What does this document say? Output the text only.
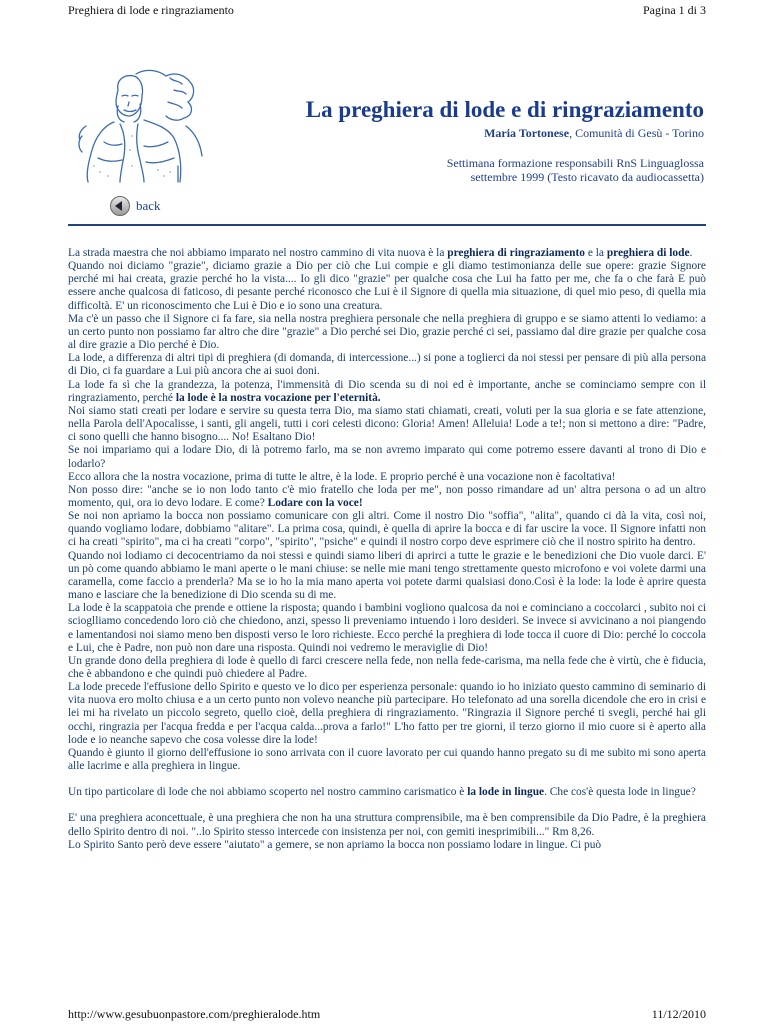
Preghiera di lode e ringraziamento	Pagina 1 di 3
La preghiera di lode e di ringraziamento
Maria Tortonese, Comunità di Gesù - Torino
Settimana formazione responsabili RnS Linguaglossa
settembre 1999 (Testo ricavato da audiocassetta)
back

La strada maestra che noi abbiamo imparato nel nostro cammino di vita nuova è la preghiera di ringraziamento e la preghiera di lode.

Quando noi diciamo "grazie", diciamo grazie a Dio per ciò che Lui compie e gli diamo testimonianza delle sue opere: grazie Signore perché mi hai creata, grazie perché ho la vista.... Io gli dico "grazie" per qualche cosa che Lui ha fatto per me, che fa o che farà E può essere anche qualcosa di faticoso, di pesante perché riconosco che Lui è il Signore di quella mia situazione, di quel mio peso, di quella mia difficoltà. E' un riconoscimento che Lui è Dio e io sono una creatura.

Ma c'è un passo che il Signore ci fa fare, sia nella nostra preghiera personale che nella preghiera di gruppo e se siamo attenti lo vediamo: a un certo punto non possiamo far altro che dire "grazie" a Dio perché sei Dio, grazie perché ci sei, passiamo dal dire grazie per qualche cosa al dire grazie a Dio perché è Dio.

La lode, a differenza di altri tipi di preghiera (di domanda, di intercessione...) si pone a toglierci da noi stessi per pensare di più alla persona di Dio, ci fa guardare a Lui più ancora che ai suoi doni.

La lode fa sì che la grandezza, la potenza, l'immensità di Dio scenda su di noi ed è importante, anche se cominciamo sempre con il ringraziamento, perché la lode è la nostra vocazione per l'eternità.

Noi siamo stati creati per lodare e servire su questa terra Dio, ma siamo stati chiamati, creati, voluti per la sua gloria e se fate attenzione, nella Parola dell'Apocalisse, i santi, gli angeli, tutti i cori celesti dicono: Gloria! Amen! Alleluia! Lode a te!; non si mettono a dire: "Padre, ci sono quelli che hanno bisogno.... No! Esaltano Dio!

Se noi impariamo qui a lodare Dio, di là potremo farlo, ma se non avremo imparato qui come potremo essere davanti al trono di Dio e lodarlo?

Ecco allora che la nostra vocazione, prima di tutte le altre, è la lode. E proprio perché è una vocazione non è facoltativa!

Non posso dire: "anche se io non lodo tanto c'è mio fratello che loda per me", non posso rimandare ad un' altra persona o ad un altro momento, qui, ora io devo lodare. E come? Lodare con la voce!

Se noi non apriamo la bocca non possiamo comunicare con gli altri. Come il nostro Dio "soffia", "alita", quando ci dà la vita, così noi, quando vogliamo lodare, dobbiamo "alitare". La prima cosa, quindi, è quella di aprire la bocca e di far uscire la voce. Il Signore infatti non ci ha creati "spirito", ma ci ha creati "corpo", "spirito", "psiche" e quindi il nostro corpo deve esprimere ciò che il nostro spirito ha dentro.

Quando noi lodiamo ci decocentriamo da noi stessi e quindi siamo liberi di aprirci a tutte le grazie e le benedizioni che Dio vuole darci. E' un pò come quando abbiamo le mani aperte o le mani chiuse: se nelle mie mani tengo strettamente questo microfono e voi volete darmi una caramella, come faccio a prenderla? Ma se io ho la mia mano aperta voi potete darmi qualsiasi dono.Così è la lode: la lode è aprire questa mano e lasciare che la benedizione di Dio scenda su di me.

La lode è la scappatoia che prende e ottiene la risposta; quando i bambini vogliono qualcosa da noi e cominciano a coccolarci , subito noi ci scioglliamo concedendo loro ciò che chiedono, anzi, spesso li preveniamo intuendo i loro desideri. Se invece si avvicinano a noi piangendo e lamentandosi noi siamo meno ben disposti verso le loro richieste. Ecco perché la preghiera di lode tocca il cuore di Dio: perché lo coccola e Lui, che è Padre, non può non dare una risposta. Quindi noi vedremo le meraviglie di Dio!

Un grande dono della preghiera di lode è quello di farci crescere nella fede, non nella fede-carisma, ma nella fede che è virtù, che è fiducia, che è abbandono e che quindi può chiedere al Padre.

La lode precede l'effusione dello Spirito e questo ve lo dico per esperienza personale: quando io ho iniziato questo cammino di seminario di vita nuova ero molto chiusa e a un certo punto non volevo neanche più partecipare. Ho telefonato ad una sorella dicendole che ero in crisi e lei mi ha rivelato un piccolo segreto, quello cioè, della preghiera di ringraziamento. "Ringrazia il Signore perché ti svegli, perché hai gli occhi, ringrazia per l'acqua fredda e per l'acqua calda...prova a farlo!" L'ho fatto per tre giorni, il terzo giorno il mio cuore si è aperto alla lode e io neanche sapevo che cosa volesse dire la lode!

Quando è giunto il giorno dell'effusione io sono arrivata con il cuore lavorato per cui quando hanno pregato su di me subito mi sono aperta alle lacrime e alla preghiera in lingue.

Un tipo particolare di lode che noi abbiamo scoperto nel nostro cammino carismatico è la lode in lingue. Che cos'è questa lode in lingue?

E' una preghiera aconcettuale, è una preghiera che non ha una struttura comprensibile, ma è ben comprensibile da Dio Padre, è la preghiera dello Spirito dentro di noi. "..lo Spirito stesso intercede con insistenza per noi, con gemiti inesprimibili..." Rm 8,26.

Lo Spirito Santo però deve essere "aiutato" a gemere, se non apriamo la bocca non possiamo lodare in lingue. Ci può

http://www.gesubuonpastore.com/preghieralode.htm	11/12/2010
